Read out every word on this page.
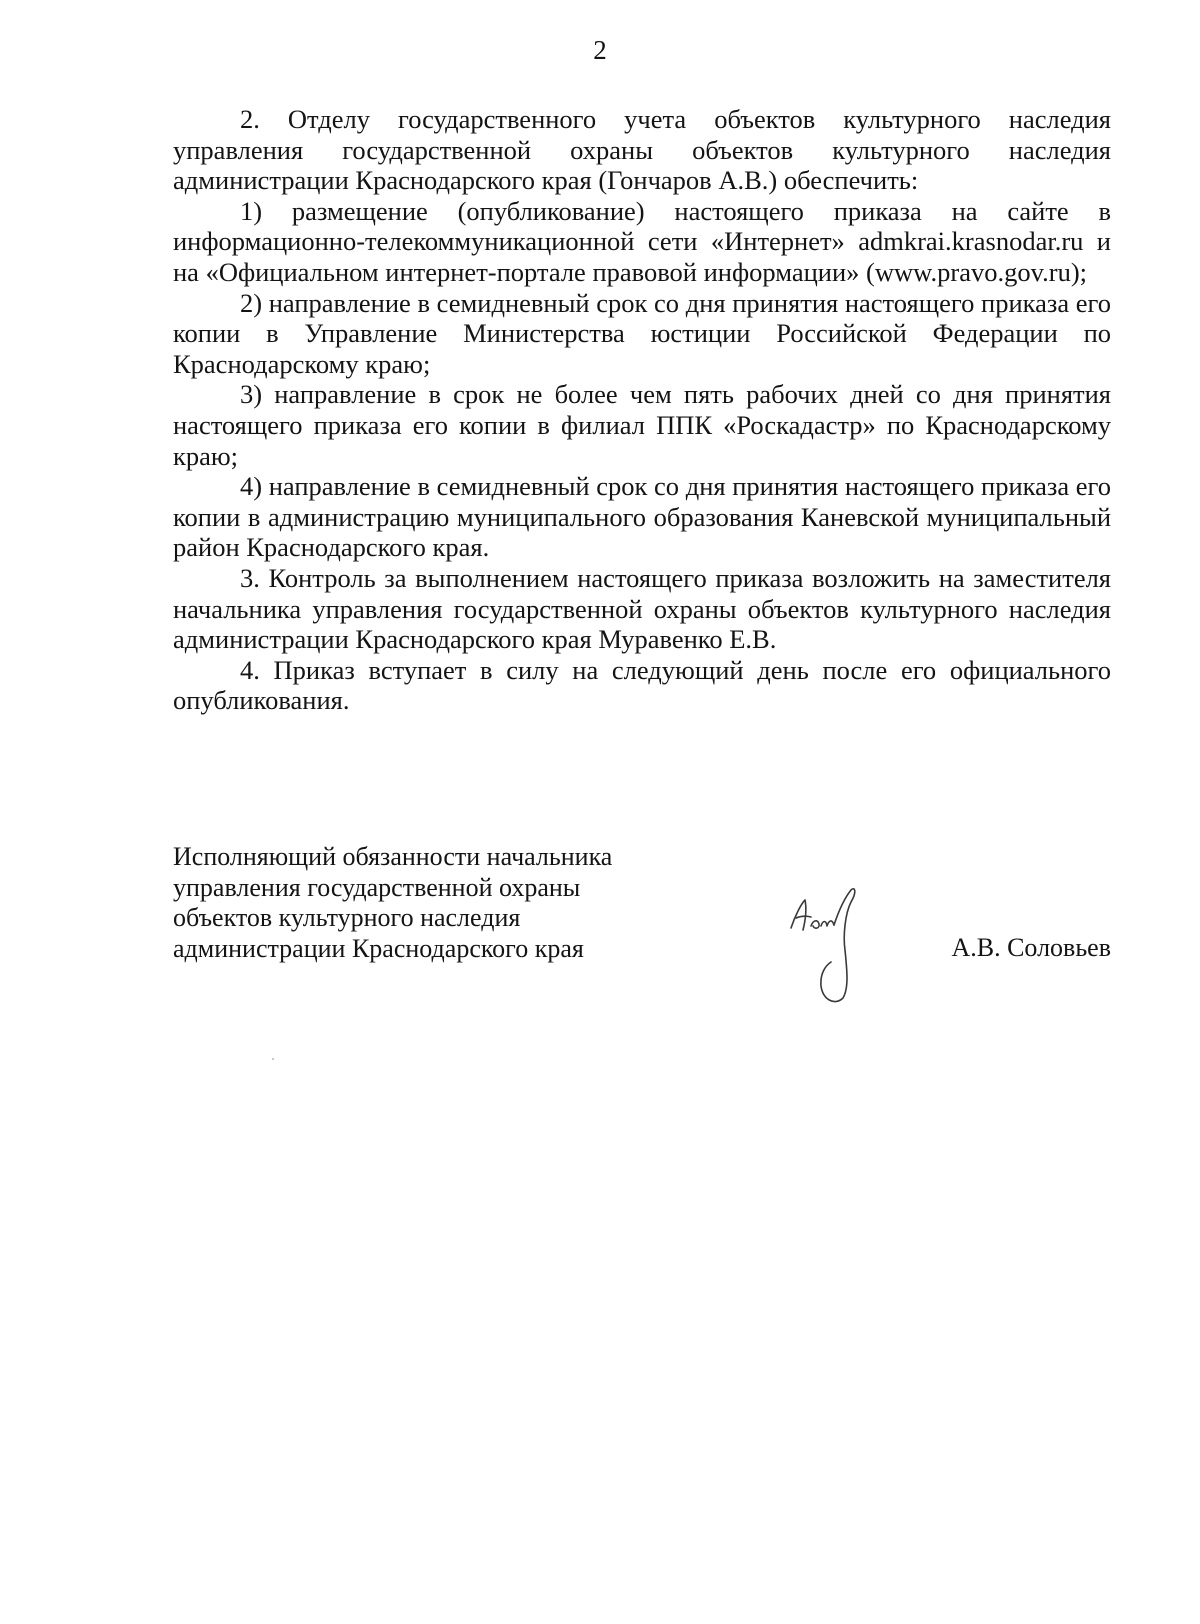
2

2. Отделу государственного учета объектов культурного наследия управления государственной охраны объектов культурного наследия администрации Краснодарского края (Гончаров А.В.) обеспечить:

1) размещение (опубликование) настоящего приказа на сайте в информационно-телекоммуникационной сети «Интернет» admkrai.krasnodar.ru и на «Официальном интернет-портале правовой информации» (www.pravo.gov.ru);

2) направление в семидневный срок со дня принятия настоящего приказа его копии в Управление Министерства юстиции Российской Федерации по Краснодарскому краю;

3) направление в срок не более чем пять рабочих дней со дня принятия настоящего приказа его копии в филиал ППК «Роскадастр» по Краснодарскому краю;

4) направление в семидневный срок со дня принятия настоящего приказа его копии в администрацию муниципального образования Каневской муниципальный район Краснодарского края.

3. Контроль за выполнением настоящего приказа возложить на заместителя начальника управления государственной охраны объектов культурного наследия администрации Краснодарского края Муравенко Е.В.

4. Приказ вступает в силу на следующий день после его официального опубликования.

Исполняющий обязанности начальника
управления государственной охраны
объектов культурного наследия
администрации Краснодарского края	А.В. Соловьев
